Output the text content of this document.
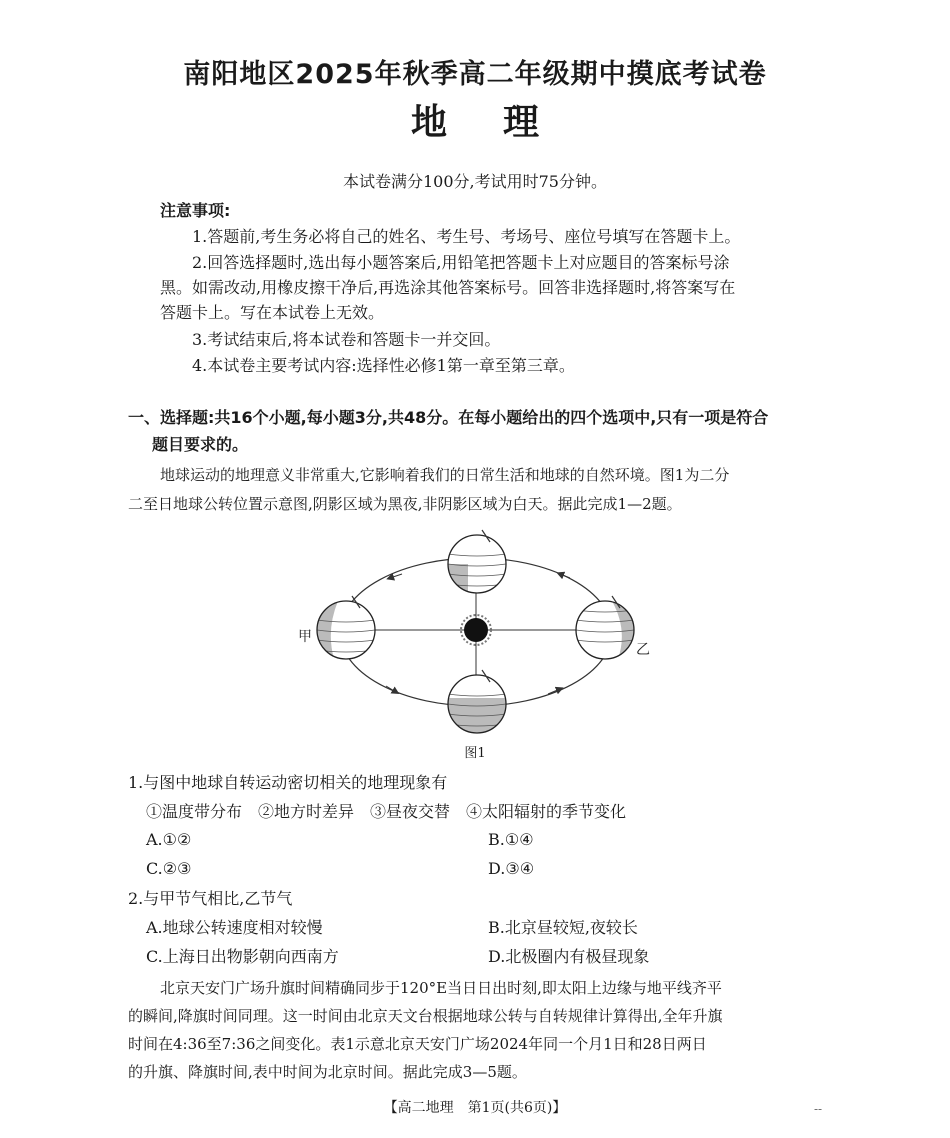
南阳地区2025年秋季高二年级期中摸底考试卷
地理
本试卷满分100分,考试用时75分钟。
注意事项:
1.答题前,考生务必将自己的姓名、考生号、考场号、座位号填写在答题卡上。
2.回答选择题时,选出每小题答案后,用铅笔把答题卡上对应题目的答案标号涂
黑。如需改动,用橡皮擦干净后,再选涂其他答案标号。回答非选择题时,将答案写在
答题卡上。写在本试卷上无效。
3.考试结束后,将本试卷和答题卡一并交回。
4.本试卷主要考试内容:选择性必修1第一章至第三章。
一、选择题:共16个小题,每小题3分,共48分。在每小题给出的四个选项中,只有一项是符合
题目要求的。
地球运动的地理意义非常重大,它影响着我们的日常生活和地球的自然环境。图1为二分
二至日地球公转位置示意图,阴影区域为黑夜,非阴影区域为白天。据此完成1—2题。
甲
乙
图1
1.与图中地球自转运动密切相关的地理现象有
①温度带分布　②地方时差异　③昼夜交替　④太阳辐射的季节变化
A.①②	B.①④
C.②③	D.③④
2.与甲节气相比,乙节气
A.地球公转速度相对较慢	B.北京昼较短,夜较长
C.上海日出物影朝向西南方	D.北极圈内有极昼现象
北京天安门广场升旗时间精确同步于120°E当日日出时刻,即太阳上边缘与地平线齐平
的瞬间,降旗时间同理。这一时间由北京天文台根据地球公转与自转规律计算得出,全年升旗
时间在4:36至7:36之间变化。表1示意北京天安门广场2024年同一个月1日和28日两日
的升旗、降旗时间,表中时间为北京时间。据此完成3—5题。
【高二地理　第1页(共6页)】	--
